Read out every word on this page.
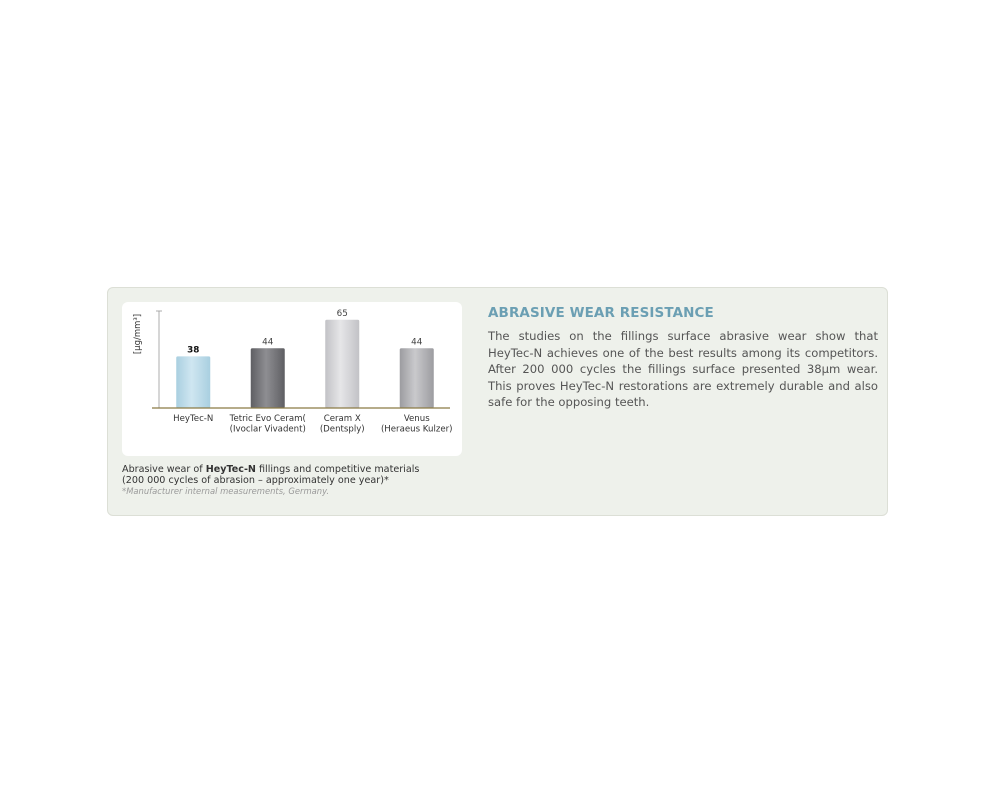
[µg/mm³]	38
HeyTec-N
44
Tetric Evo Ceram(
(Ivoclar Vivadent)
65
Ceram X
(Dentsply)
44
Venus
(Heraeus Kulzer)
Abrasive wear of HeyTec-N fillings and competitive materials
(200 000 cycles of abrasion – approximately one year)*
*Manufacturer internal measurements, Germany.
ABRASIVE WEAR RESISTANCE

The studies on the fillings surface abrasive wear show that HeyTec-N achieves one of the best results among its competitors. After 200 000 cycles the fillings surface presented 38µm wear. This proves HeyTec-N restorations are extremely durable and also safe for the opposing teeth.
